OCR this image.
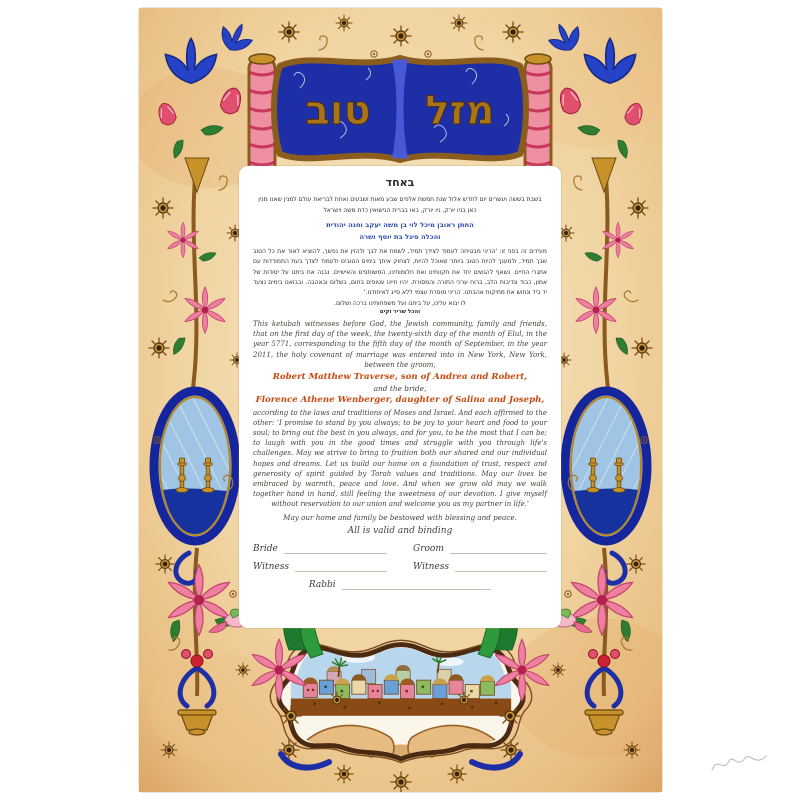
מזל
טוב

באחד

בשבת בששה ועשרים יום לחדש אלול שנת חמשת אלפים שבע מאות ושבעים ואחת לבריאת עולם למנין שאנו מנין כאן בניו יורק, ניו יורק, באו בברית הנישואין כדת משה וישראל

החתן ראובן מיכל לוי בן משה יעקב וחנה יהודית

והכלה פיגל בת יוסף ושרה

מעידים זה בפני זו: 'הריני מבטיחה לעמוד לצידך תמיד, לשמח את לבך ולהזין את נפשך, להוציא לאור את כל הטוב שבך תמיד, ולמענך להיות הטוב ביותר שאוכל להיות, לצחוק איתך בימים הטובים ולעמוד לצדך בעת התמודדות עם אתגרי החיים. נשאף להגשים יחד את תקוותינו ואת חלומותינו, המשותפים והאישיים. נבנה את ביתנו על יסודות של אמון, כבוד ונדיבות הלב, ברוח ערכי התורה והמסורת. יהיו חיינו עטופים בחום, בשלום ובאהבה. ובבואנו בימים נצעד יד ביד ונחוש את מתיקות אהבתנו. הריני מוסרת עצמי ללא סייג לאיחודנו.'

לו יבוא עלינו, על ביתנו ועל משפחותינו ברכה ושלום.

והכל שריר וקים

This ketubah witnesses before God, the Jewish community, family and friends, that on the first day of the week, the twenty-sixth day of the month of Elul, in the year 5771, corresponding to the fifth day of the month of September, in the year 2011, the holy covenant of marriage was entered into in New York, New York, between the groom,

Robert Matthew Traverse, son of Andrea and Robert,

and the bride,

Florence Athene Wenberger, daughter of Salina and Joseph,

according to the laws and traditions of Moses and Israel. And each affirmed to the other: 'I promise to stand by you always; to be joy to your heart and food to your soul; to bring out the best in you always, and for you, to be the most that I can be; to laugh with you in the good times and struggle with you through life's challenges. May we strive to bring to fruition both our shared and our individual hopes and dreams. Let us build our home on a foundation of trust, respect and generosity of spirit guided by Torah values and traditions. May our lives be embraced by warmth, peace and love. And when we grow old may we walk together hand in hand, still feeling the sweetness of our devotion. I give myself without reservation to our union and welcome you as my partner in life.'

May our home and family be bestowed with blessing and peace.

All is valid and binding

Bride	Groom
Witness	Witness
Rabbi
